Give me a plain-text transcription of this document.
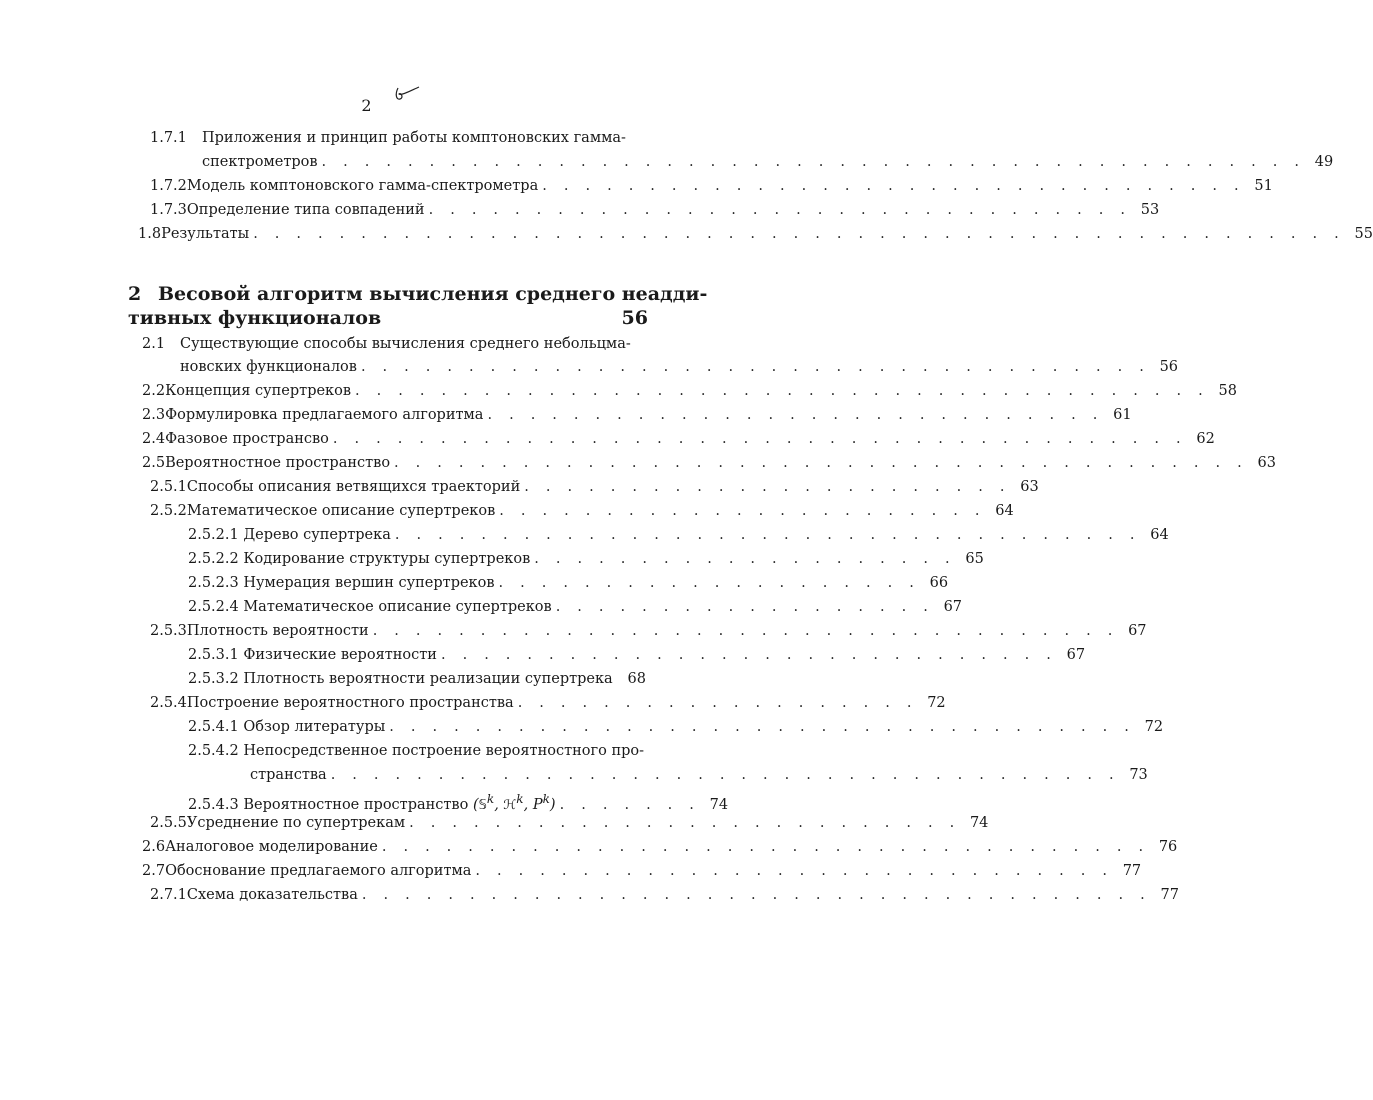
2
1.7.1 Приложения и принцип работы комптоновских гамма-
спектрометров . . . . . . . . . . . . . . . . . . . . . . . . . . . . . . . . . . . . . . . . . . . . . . 49
1.7.2 Модель комптоновского гамма-спектрометра . . . . . . . . . . . . . . . . . . . . . . . . . . . . . . . . . 51
1.7.3 Определение типа совпадений . . . . . . . . . . . . . . . . . . . . . . . . . . . . . . . . . 53
1.8 Результаты . . . . . . . . . . . . . . . . . . . . . . . . . . . . . . . . . . . . . . . . . . . . . . . . . . . 55
2 Весовой алгоритм вычисления среднего неадди-
тивных функционалов	56
2.1 Существующие способы вычисления среднего небольцма-
новских функционалов . . . . . . . . . . . . . . . . . . . . . . . . . . . . . . . . . . . . . 56
2.2 Концепция супертреков . . . . . . . . . . . . . . . . . . . . . . . . . . . . . . . . . . . . . . . . 58
2.3 Формулировка предлагаемого алгоритма . . . . . . . . . . . . . . . . . . . . . . . . . . . . . 61
2.4 Фазовое пространсво . . . . . . . . . . . . . . . . . . . . . . . . . . . . . . . . . . . . . . . . 62
2.5 Вероятностное пространство . . . . . . . . . . . . . . . . . . . . . . . . . . . . . . . . . . . . . . . . 63
2.5.1 Способы описания ветвящихся траекторий . . . . . . . . . . . . . . . . . . . . . . . 63
2.5.2 Математическое описание супертреков . . . . . . . . . . . . . . . . . . . . . . . 64
2.5.2.1 Дерево супертрека . . . . . . . . . . . . . . . . . . . . . . . . . . . . . . . . . . . 64
2.5.2.2 Кодирование структуры супертреков . . . . . . . . . . . . . . . . . . . . 65
2.5.2.3 Нумерация вершин супертреков . . . . . . . . . . . . . . . . . . . . 66
2.5.2.4 Математическое описание супертреков . . . . . . . . . . . . . . . . . . 67
2.5.3 Плотность вероятности . . . . . . . . . . . . . . . . . . . . . . . . . . . . . . . . . . . 67
2.5.3.1 Физические вероятности . . . . . . . . . . . . . . . . . . . . . . . . . . . . . 67
2.5.3.2 Плотность вероятности реализации супертрека 68
2.5.4 Построение вероятностного пространства . . . . . . . . . . . . . . . . . . . 72
2.5.4.1 Обзор литературы . . . . . . . . . . . . . . . . . . . . . . . . . . . . . . . . . . . 72
2.5.4.2 Непосредственное построение вероятностного про-
странства . . . . . . . . . . . . . . . . . . . . . . . . . . . . . . . . . . . . . 73
2.5.4.3 Вероятностное пространство (𝕊$^k$, ℋ$^k$, $P^k$) . . . . . . . 74
2.5.5 Усреднение по супертрекам . . . . . . . . . . . . . . . . . . . . . . . . . . 74
2.6 Аналоговое моделирование . . . . . . . . . . . . . . . . . . . . . . . . . . . . . . . . . . . . 76
2.7 Обоснование предлагаемого алгоритма . . . . . . . . . . . . . . . . . . . . . . . . . . . . . . 77
2.7.1 Схема доказательства . . . . . . . . . . . . . . . . . . . . . . . . . . . . . . . . . . . . . 77
